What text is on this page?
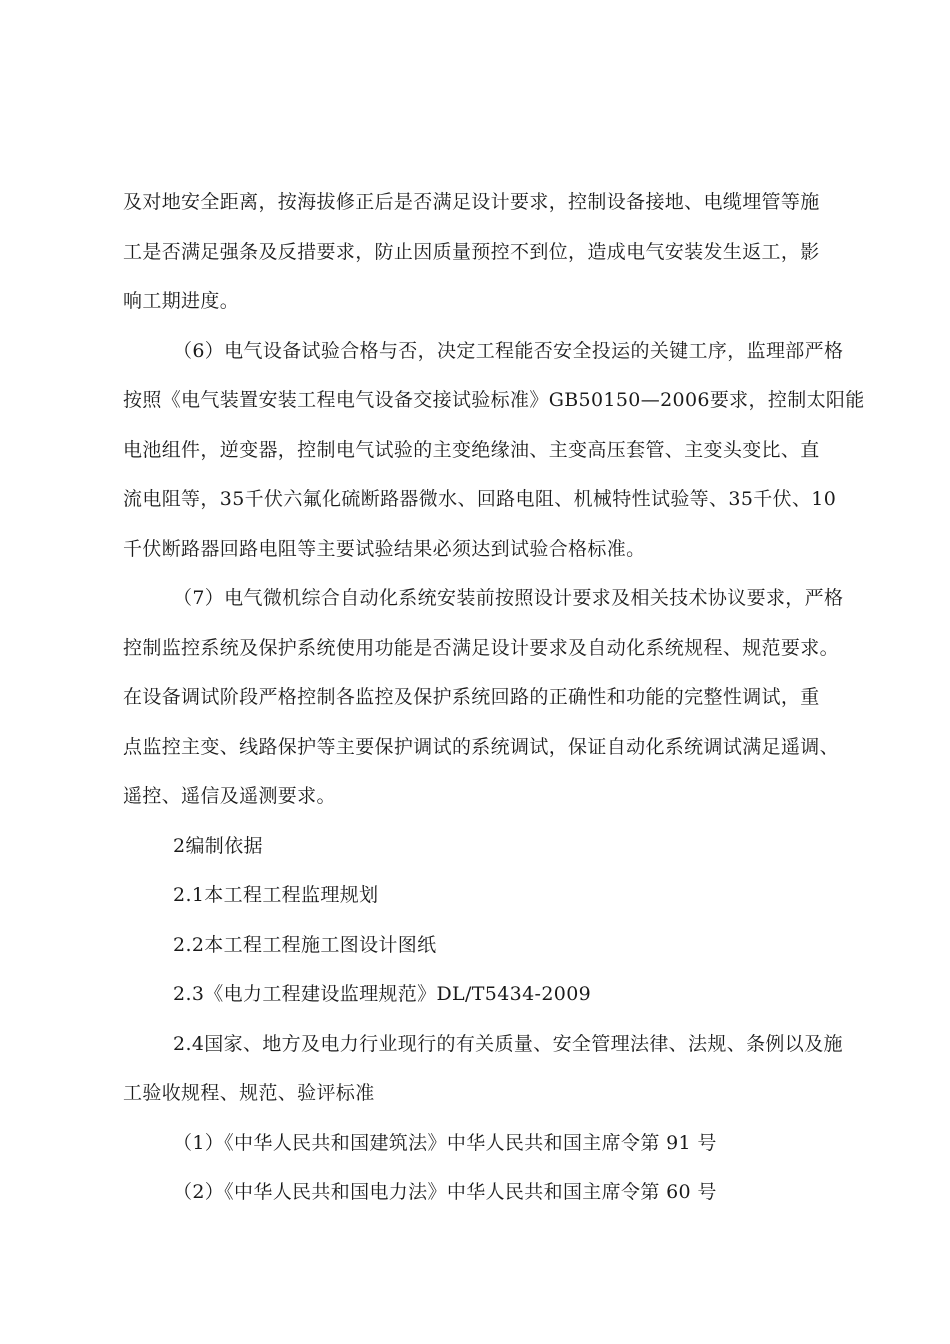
及对地安全距离，按海拔修正后是否满足设计要求，控制设备接地、电缆埋管等施
工是否满足强条及反措要求，防止因质量预控不到位，造成电气安装发生返工，影
响工期进度。

（6）电气设备试验合格与否，决定工程能否安全投运的关键工序，监理部严格
按照《电气装置安装工程电气设备交接试验标准》GB50150—2006要求，控制太阳能
电池组件，逆变器，控制电气试验的主变绝缘油、主变高压套管、主变头变比、直
流电阻等，35千伏六氟化硫断路器微水、回路电阻、机械特性试验等、35千伏、10
千伏断路器回路电阻等主要试验结果必须达到试验合格标准。

（7）电气微机综合自动化系统安装前按照设计要求及相关技术协议要求，严格
控制监控系统及保护系统使用功能是否满足设计要求及自动化系统规程、规范要求。
在设备调试阶段严格控制各监控及保护系统回路的正确性和功能的完整性调试，重
点监控主变、线路保护等主要保护调试的系统调试，保证自动化系统调试满足遥调、
遥控、遥信及遥测要求。

2编制依据

2.1本工程工程监理规划

2.2本工程工程施工图设计图纸

2.3《电力工程建设监理规范》DL/T5434-2009

2.4国家、地方及电力行业现行的有关质量、安全管理法律、法规、条例以及施
工验收规程、规范、验评标准

（1）《中华人民共和国建筑法》中华人民共和国主席令第 91 号

（2）《中华人民共和国电力法》中华人民共和国主席令第 60 号
